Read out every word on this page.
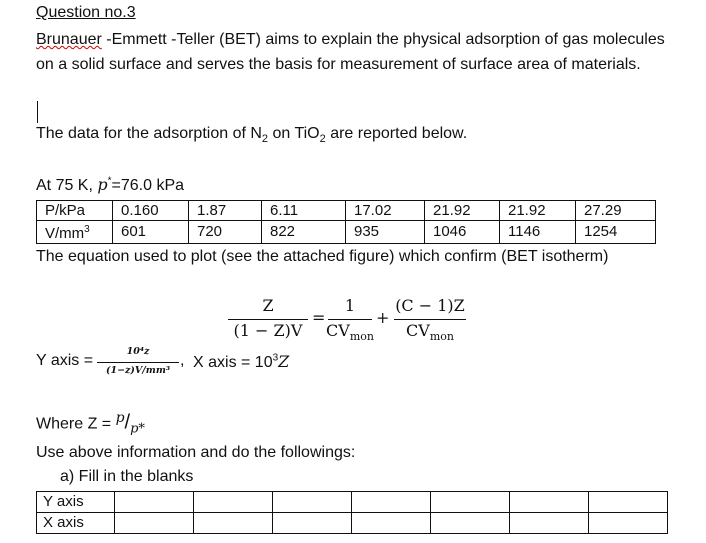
Question no.3
Brunauer -Emmett -Teller (BET) aims to explain the physical adsorption of gas molecules on a solid surface and serves the basis for measurement of surface area of materials.
The data for the adsorption of $N_2$ on TiO$_2$ are reported below.
At 75 K, p*=76.0 kPa
P/kPa	0.160	1.87	6.11	17.02	21.92	21.92	27.29
$V/mm^3$	601	720	822	935	1046	1146	1254
The equation used to plot (see the attached figure) which confirm (BET isotherm)
Z
(1 − Z)V
=
1
$CV_{mon}$
+
(C − 1)Z
$CV_{mon}$
Y axis =
10⁴z
(1−z)V/mm³
, X axis = $10^3Z$
Where $Z = ^p/_{p*}$
Use above information and do the followings:
a) Fill in the blanks
Y axis							
X axis							
